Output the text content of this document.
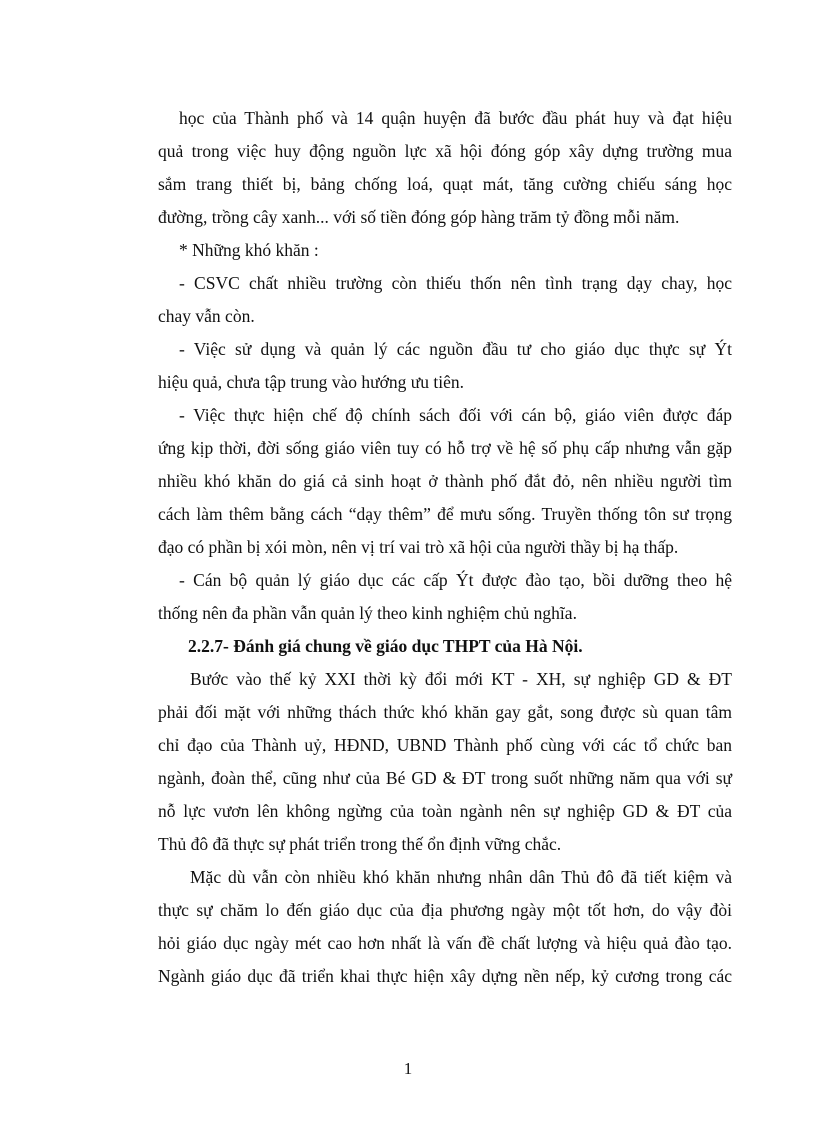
học của Thành phố và 14 quận huyện đã bước đầu phát huy và đạt hiệu
quả trong việc huy động nguồn lực xã hội đóng góp xây dựng trường mua
sắm trang thiết bị, bảng chống loá, quạt mát, tăng cường chiếu sáng học
đường, trồng cây xanh... với số tiền đóng góp hàng trăm tỷ đồng mỗi năm.
* Những khó khăn :
- CSVC chất nhiều trường còn thiếu thốn nên tình trạng dạy chay, học
chay vẫn còn.
- Việc sử dụng và quản lý các nguồn đầu tư cho giáo dục thực sự Ýt
hiệu quả, chưa tập trung vào hướng ưu tiên.
- Việc thực hiện chế độ chính sách đối với cán bộ, giáo viên được đáp
ứng kịp thời, đời sống giáo viên tuy có hỗ trợ về hệ số phụ cấp nhưng vẫn gặp
nhiều khó khăn do giá cả sinh hoạt ở thành phố đắt đỏ, nên nhiều người tìm
cách làm thêm bằng cách “dạy thêm” để mưu sống. Truyền thống tôn sư trọng
đạo có phần bị xói mòn, nên vị trí vai trò xã hội của người thầy bị hạ thấp.
- Cán bộ quản lý giáo dục các cấp Ýt được đào tạo, bồi dưỡng theo hệ
thống nên đa phần vẫn quản lý theo kinh nghiệm chủ nghĩa.
2.2.7- Đánh giá chung về giáo dục THPT của Hà Nội.
Bước vào thế kỷ XXI thời kỳ đổi mới KT - XH, sự nghiệp GD & ĐT
phải đối mặt với những thách thức khó khăn gay gắt, song được sù quan tâm
chỉ đạo của Thành uỷ, HĐND, UBND Thành phố cùng với các tổ chức ban
ngành, đoàn thể, cũng như của Bé GD & ĐT trong suốt những năm qua với sự
nỗ lực vươn lên không ngừng của toàn ngành nên sự nghiệp GD & ĐT của
Thủ đô đã thực sự phát triển trong thế ổn định vững chắc.
Mặc dù vẫn còn nhiều khó khăn nhưng nhân dân Thủ đô đã tiết kiệm và
thực sự chăm lo đến giáo dục của địa phương ngày một tốt hơn, do vậy đòi
hỏi giáo dục ngày mét cao hơn nhất là vấn đề chất lượng và hiệu quả đào tạo.
Ngành giáo dục đã triển khai thực hiện xây dựng nền nếp, kỷ cương trong các
1
